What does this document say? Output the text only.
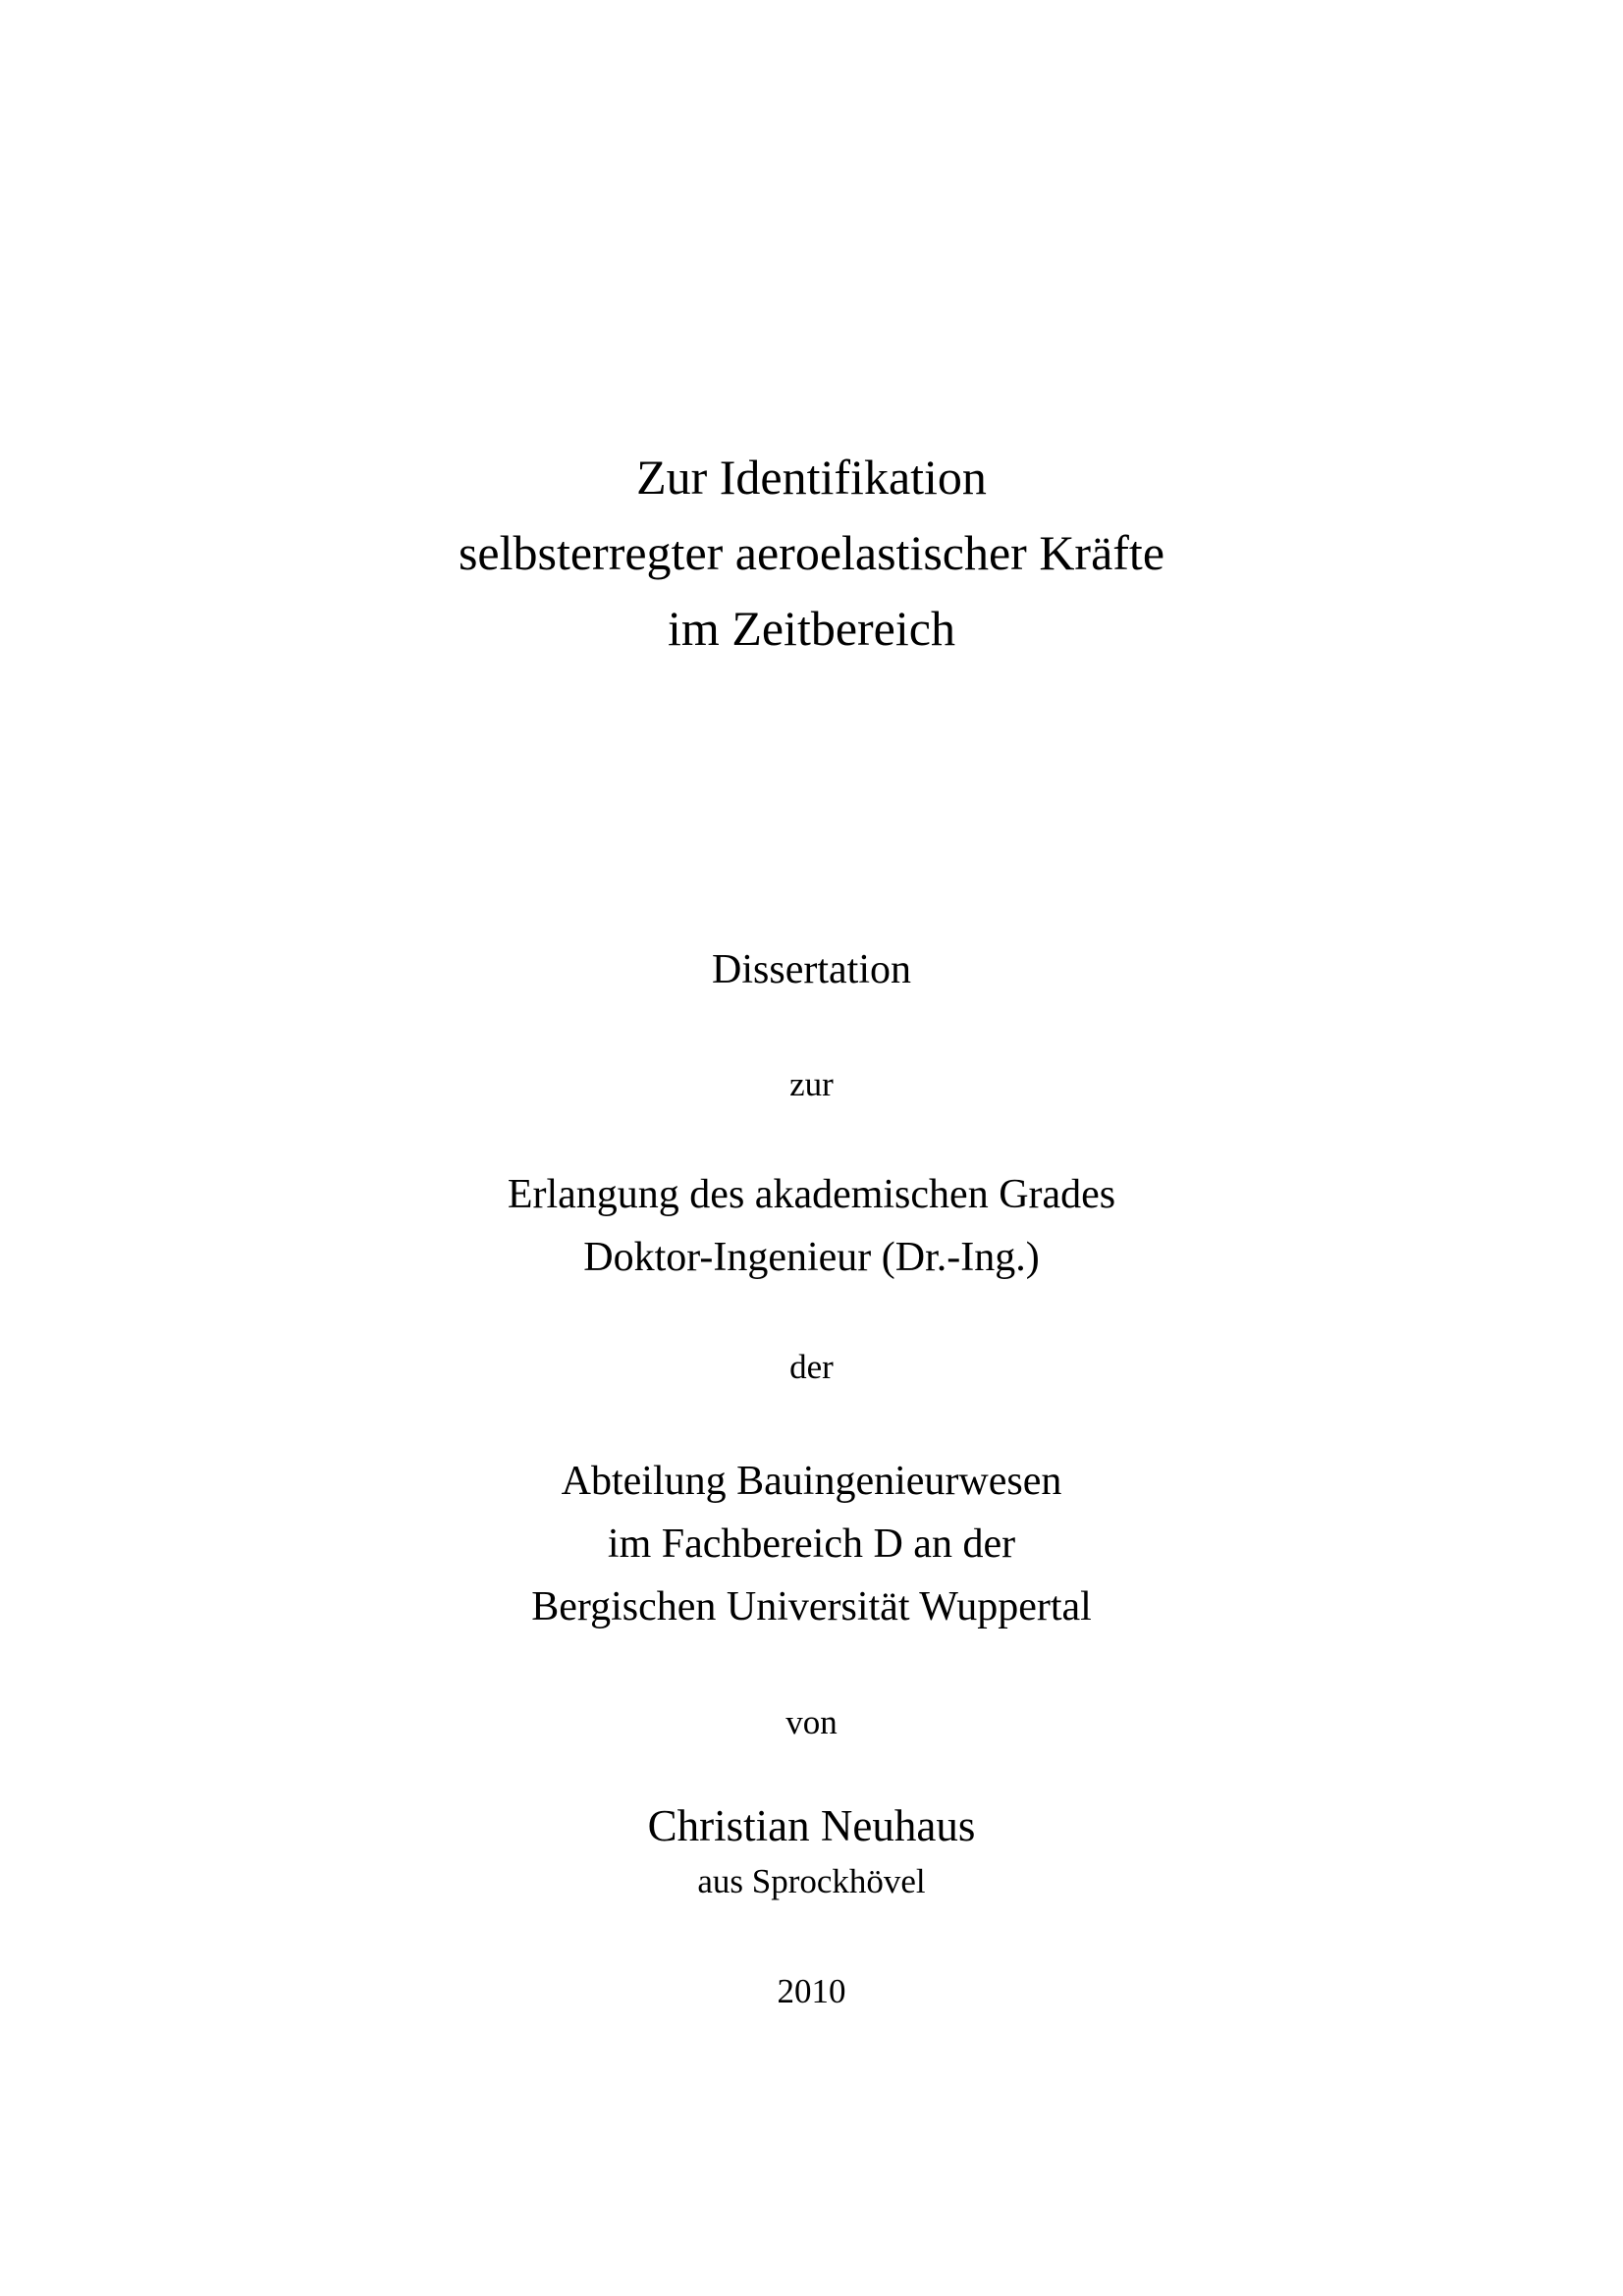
Zur Identifikation
selbsterregter aeroelastischer Kräfte
im Zeitbereich
Dissertation
zur
Erlangung des akademischen Grades
Doktor-Ingenieur (Dr.-Ing.)
der
Abteilung Bauingenieurwesen
im Fachbereich D an der
Bergischen Universität Wuppertal
von
Christian Neuhaus
aus Sprockhövel
2010
